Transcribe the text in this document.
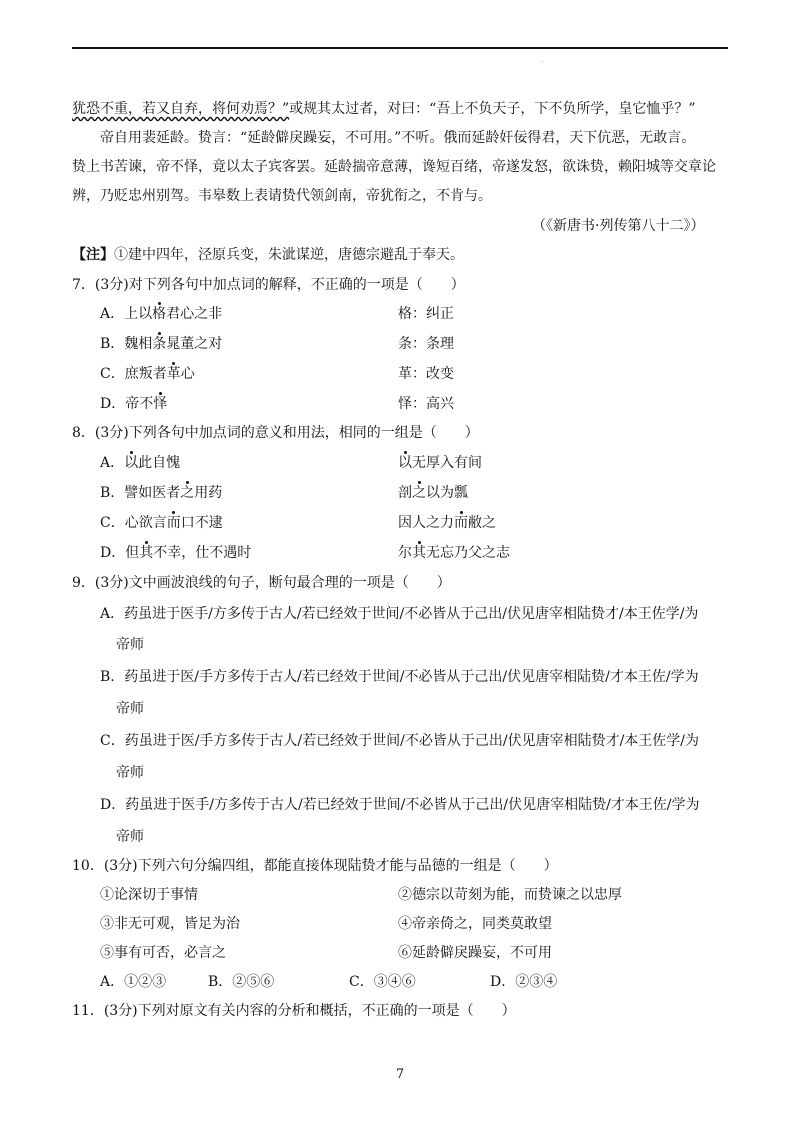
·
犹恐不重，若又自弃，将何劝焉？”或规其太过者，对曰：“吾上不负天子，下不负所学，皇它恤乎？”
帝自用裴延龄。贽言：“延龄僻戾躁妄，不可用。”不听。俄而延龄奸佞得君，天下伉恶，无敢言。
贽上书苦谏，帝不怿，竟以太子宾客罢。延龄揣帝意薄，谗短百绪，帝遂发怒，欲诛贽，赖阳城等交章论
辨，乃贬忠州别驾。韦皋数上表请贽代领剑南，帝犹衔之，不肯与。
（《新唐书·列传第八十二》）
【注】①建中四年，泾原兵变，朱泚谋逆，唐德宗避乱于奉天。
7．(3分)对下列各句中加点词的解释，不正确的一项是（　　）
A．上以格君心之非	格：纠正
B．魏相条晁董之对	条：条理
C．庶叛者革心	革：改变
D．帝不怿	怿：高兴
8．(3分)下列各句中加点词的意义和用法，相同的一组是（　　）
A．以此自愧	以无厚入有间
B．譬如医者之用药	剖之以为瓢
C．心欲言而口不逮	因人之力而敝之
D．但其不幸，仕不遇时	尔其无忘乃父之志
9．(3分)文中画波浪线的句子，断句最合理的一项是（　　）
A．药虽进于医手/方多传于古人/若已经效于世间/不必皆从于己出/伏见唐宰相陆贽才/本王佐学/为
帝师
B．药虽进于医/手方多传于古人/若已经效于世间/不必皆从于己出/伏见唐宰相陆贽/才本王佐/学为
帝师
C．药虽进于医/手方多传于古人/若已经效于世间/不必皆从于己出/伏见唐宰相陆贽才/本王佐学/为
帝师
D．药虽进于医手/方多传于古人/若已经效于世间/不必皆从于己出/伏见唐宰相陆贽/才本王佐/学为
帝师
10．(3分)下列六句分编四组，都能直接体现陆贽才能与品德的一组是（　　）
①论深切于事情	②德宗以苛刻为能，而贽谏之以忠厚
③非无可观，皆足为治	④帝亲倚之，同类莫敢望
⑤事有可否，必言之	⑥延龄僻戾躁妄，不可用
A．①②③	B．②⑤⑥	C．③④⑥	D．②③④
11．(3分)下列对原文有关内容的分析和概括，不正确的一项是（　　）
7
